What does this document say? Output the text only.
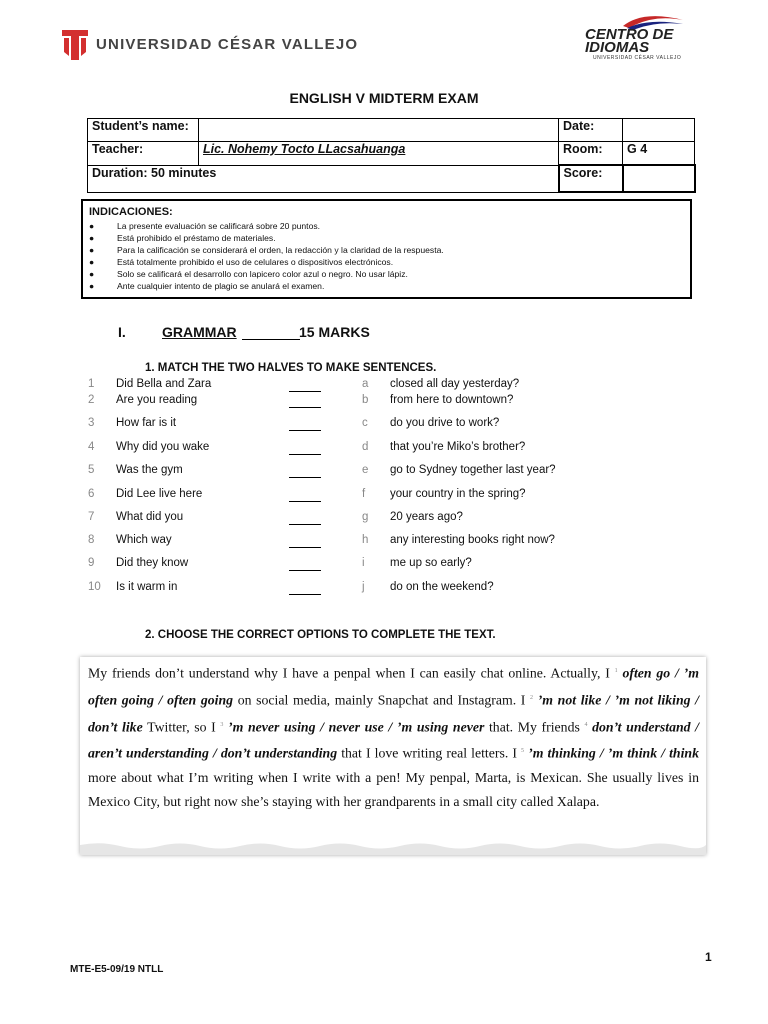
UNIVERSIDAD CÉSAR VALLEJO
CENTRO DE
IDIOMAS
UNIVERSIDAD CÉSAR VALLEJO
ENGLISH V MIDTERM EXAM
Student’s name:		Date:	
Teacher:	Lic. Nohemy Tocto LLacsahuanga	Room:	G 4
Duration: 50 minutes		Score:	
INDICACIONES:
●	La presente evaluación se calificará sobre 20 puntos.
●	Está prohibido el préstamo de materiales.
●	Para la calificación se considerará el orden, la redacción y la claridad de la respuesta.
●	Está totalmente prohibido el uso de celulares o dispositivos electrónicos.
●	Solo se calificará el desarrollo con lapicero color azul o negro. No usar lápiz.
●	Ante cualquier intento de plagio se anulará el examen.
I.	GRAMMAR	15 MARKS
1. MATCH THE TWO HALVES TO MAKE SENTENCES.
1 Did Bella and Zara	a closed all day yesterday?
2 Are you reading	b from here to downtown?
3 How far is it	c do you drive to work?
4 Why did you wake	d that you’re Miko’s brother?
5 Was the gym	e go to Sydney together last year?
6 Did Lee live here	f your country in the spring?
7 What did you	g 20 years ago?
8 Which way	h any interesting books right now?
9 Did they know	i me up so early?
10 Is it warm in	j do on the weekend?
2. CHOOSE THE CORRECT OPTIONS TO COMPLETE THE TEXT.
My friends don’t understand why I have a penpal when I can easily chat online. Actually, I $^1$ often go / ’m often going / often going on social media, mainly Snapchat and Instagram. I $^2$ ’m not like / ’m not liking / don’t like Twitter, so I $^3$ ’m never using / never use / ’m using never that. My friends $^4$ don’t understand / aren’t understanding / don’t understanding that I love writing real letters. I $^5$ ’m thinking / ’m think / think more about what I’m writing when I write with a pen! My penpal, Marta, is Mexican. She usually lives in Mexico City, but right now she’s staying with her grandparents in a small city called Xalapa.
1
MTE-E5-09/19 NTLL
